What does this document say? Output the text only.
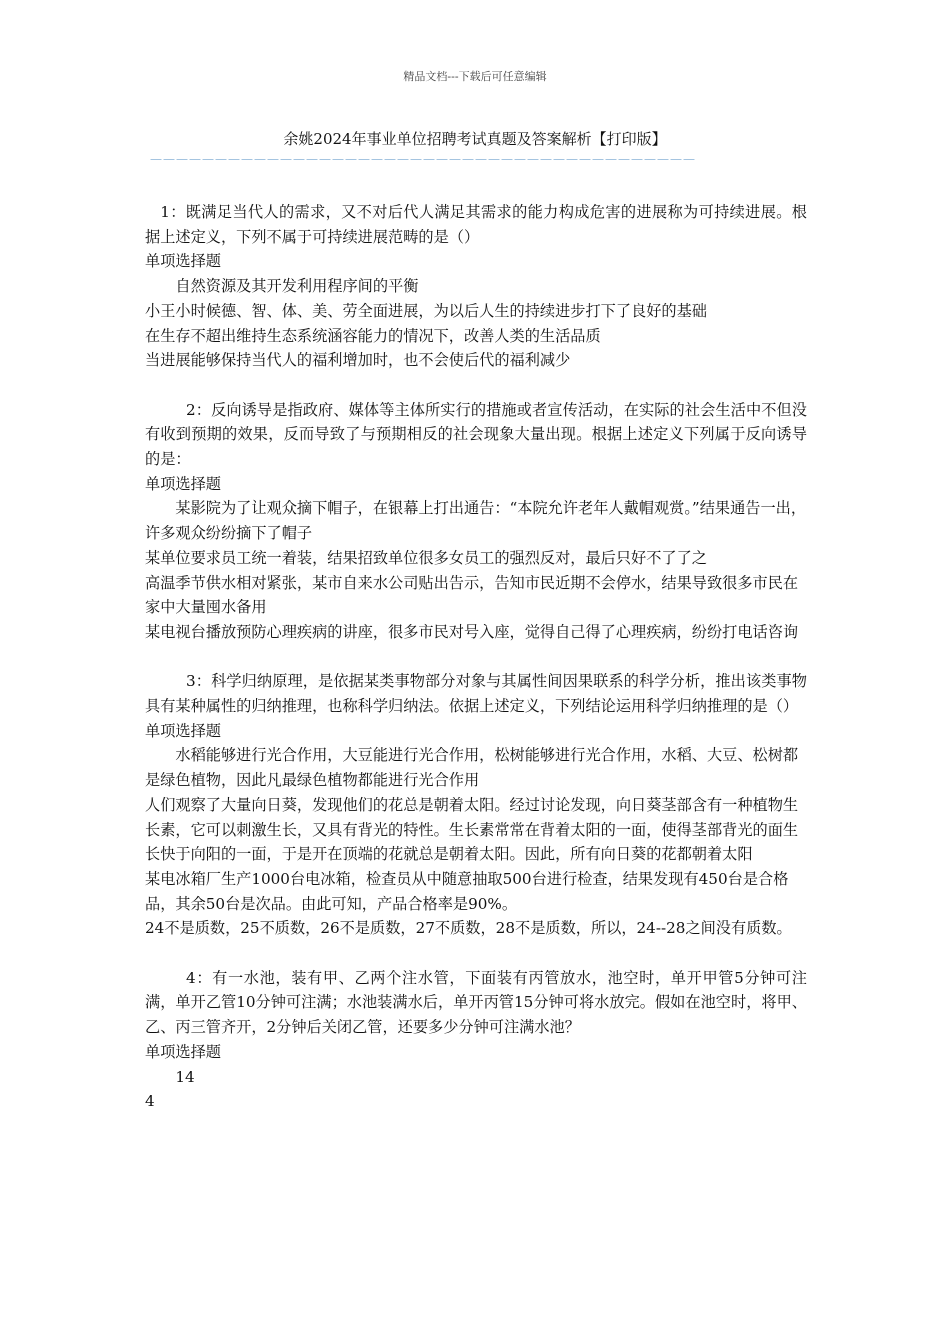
精品文档---下载后可任意编辑
余姚2024年事业单位招聘考试真题及答案解析【打印版】
——————————————————————————————————————————

1：既满足当代人的需求，又不对后代人满足其需求的能力构成危害的进展称为可持续进展。根据上述定义，下列不属于可持续进展范畴的是（）

单项选择题

自然资源及其开发利用程序间的平衡

小王小时候德、智、体、美、劳全面进展，为以后人生的持续进步打下了良好的基础

在生存不超出维持生态系统涵容能力的情况下，改善人类的生活品质

当进展能够保持当代人的福利增加时，也不会使后代的福利减少

2：反向诱导是指政府、媒体等主体所实行的措施或者宣传活动，在实际的社会生活中不但没有收到预期的效果，反而导致了与预期相反的社会现象大量出现。根据上述定义下列属于反向诱导的是：

单项选择题

某影院为了让观众摘下帽子，在银幕上打出通告：“本院允许老年人戴帽观赏。”结果通告一出，许多观众纷纷摘下了帽子

某单位要求员工统一着装，结果招致单位很多女员工的强烈反对，最后只好不了了之

高温季节供水相对紧张，某市自来水公司贴出告示，告知市民近期不会停水，结果导致很多市民在家中大量囤水备用

某电视台播放预防心理疾病的讲座，很多市民对号入座，觉得自己得了心理疾病，纷纷打电话咨询

3：科学归纳原理，是依据某类事物部分对象与其属性间因果联系的科学分析，推出该类事物具有某种属性的归纳推理，也称科学归纳法。依据上述定义，下列结论运用科学归纳推理的是（）

单项选择题

水稻能够进行光合作用，大豆能进行光合作用，松树能够进行光合作用，水稻、大豆、松树都是绿色植物，因此凡最绿色植物都能进行光合作用

人们观察了大量向日葵，发现他们的花总是朝着太阳。经过讨论发现，向日葵茎部含有一种植物生长素，它可以刺激生长，又具有背光的特性。生长素常常在背着太阳的一面，使得茎部背光的面生长快于向阳的一面，于是开在顶端的花就总是朝着太阳。因此，所有向日葵的花都朝着太阳

某电冰箱厂生产1000台电冰箱，检查员从中随意抽取500台进行检查，结果发现有450台是合格品，其余50台是次品。由此可知，产品合格率是90%。

24不是质数，25不质数，26不是质数，27不质数，28不是质数，所以，24--28之间没有质数。

4：有一水池，装有甲、乙两个注水管，下面装有丙管放水，池空时，单开甲管5分钟可注满，单开乙管10分钟可注满；水池装满水后，单开丙管15分钟可将水放完。假如在池空时，将甲、乙、丙三管齐开，2分钟后关闭乙管，还要多少分钟可注满水池？

单项选择题

14

4
